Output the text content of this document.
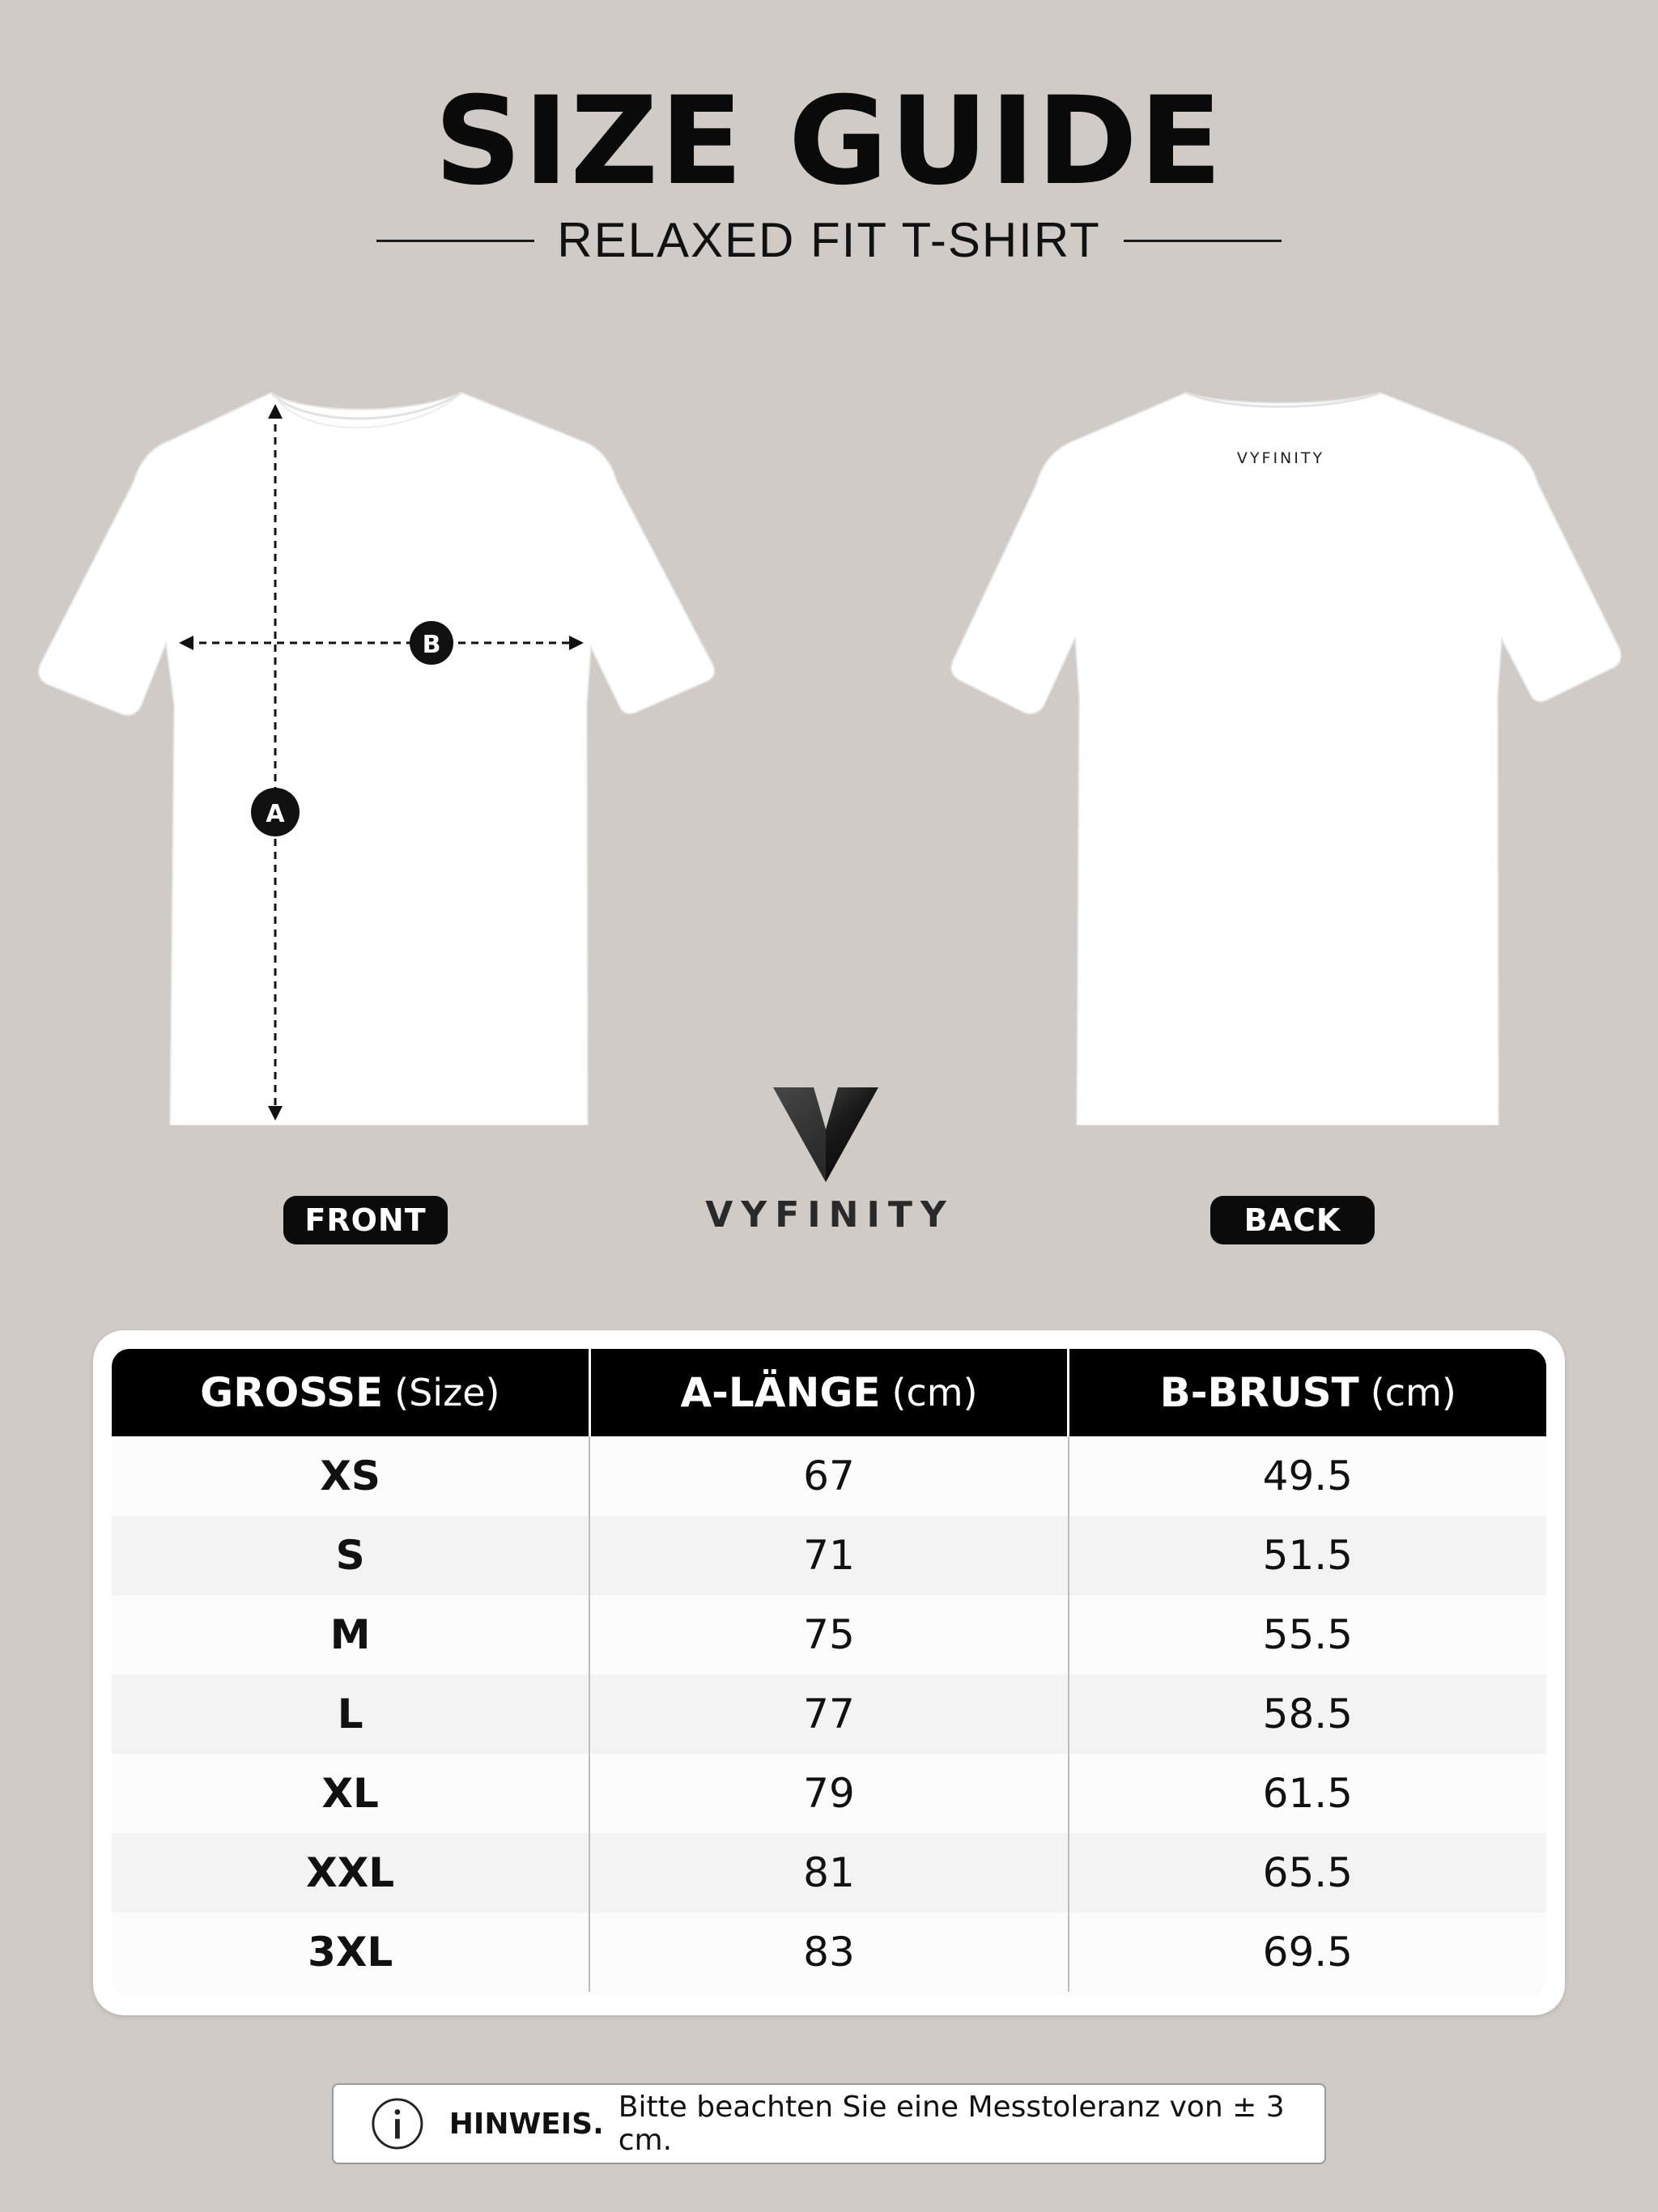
SIZE GUIDE
RELAXED FIT T-SHIRT
B
A
VYFINITY
FRONT	BACK
VYFINITY
GROSSE (Size)	A-LÄNGE (cm)	B-BRUST (cm)
XS	67	49.5
S	71	51.5
M	75	55.5
L	77	58.5
XL	79	61.5
XXL	81	65.5
3XL	83	69.5
HINWEIS. Bitte beachten Sie eine Messtoleranz von ± 3 cm.
